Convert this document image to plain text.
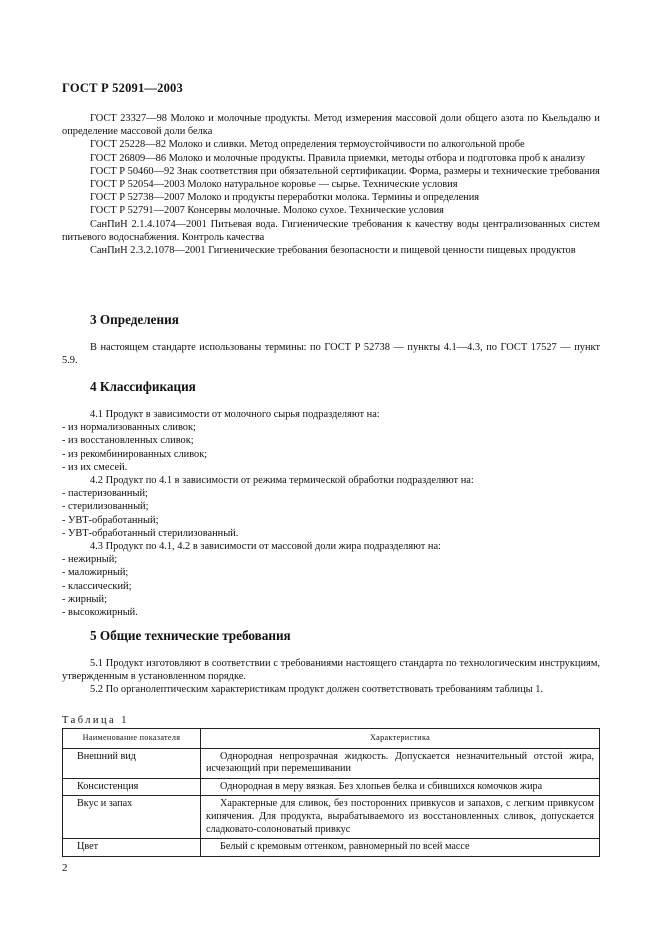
ГОСТ Р 52091—2003

ГОСТ 23327—98 Молоко и молочные продукты. Метод измерения массовой доли общего азота по Кьельдалю и определение массовой доли белка

ГОСТ 25228—82 Молоко и сливки. Метод определения термоустойчивости по алкогольной пробе

ГОСТ 26809—86 Молоко и молочные продукты. Правила приемки, методы отбора и подготовка проб к анализу

ГОСТ Р 50460—92 Знак соответствия при обязательной сертификации. Форма, размеры и технические требования

ГОСТ Р 52054—2003 Молоко натуральное коровье — сырье. Технические условия

ГОСТ Р 52738—2007 Молоко и продукты переработки молока. Термины и определения

ГОСТ Р 52791—2007 Консервы молочные. Молоко сухое. Технические условия

СанПиН 2.1.4.1074—2001 Питьевая вода. Гигиенические требования к качеству воды централизованных систем питьевого водоснабжения. Контроль качества

СанПиН 2.3.2.1078—2001 Гигиенические требования безопасности и пищевой ценности пищевых продуктов

3 Определения

В настоящем стандарте использованы термины: по ГОСТ Р 52738 — пункты 4.1—4.3, по ГОСТ 17527 — пункт 5.9.

4 Классификация

4.1 Продукт в зависимости от молочного сырья подразделяют на:

- из нормализованных сливок;

- из восстановленных сливок;

- из рекомбинированных сливок;

- из их смесей.

4.2 Продукт по 4.1 в зависимости от режима термической обработки подразделяют на:

- пастеризованный;

- стерилизованный;

- УВТ-обработанный;

- УВТ-обработанный стерилизованный.

4.3 Продукт по 4.1, 4.2 в зависимости от массовой доли жира подразделяют на:

- нежирный;

- маложирный;

- классический;

- жирный;

- высокожирный.

5 Общие технические требования

5.1 Продукт изготовляют в соответствии с требованиями настоящего стандарта по технологическим инструкциям, утвержденным в установленном порядке.

5.2 По органолептическим характеристикам продукт должен соответствовать требованиям таблицы 1.

Таблица 1
Наименование показателя	Характеристика
Внешний вид	Однородная непрозрачная жидкость. Допускается незначительный отстой жира, исчезающий при перемешивании
Консистенция	Однородная в меру вязкая. Без хлопьев белка и сбившихся комочков жира
Вкус и запах	Характерные для сливок, без посторонних привкусов и запахов, с легким привкусом кипячения. Для продукта, вырабатываемого из восстановленных сливок, допускается сладковато-солоноватый привкус
Цвет	Белый с кремовым оттенком, равномерный по всей массе
2
